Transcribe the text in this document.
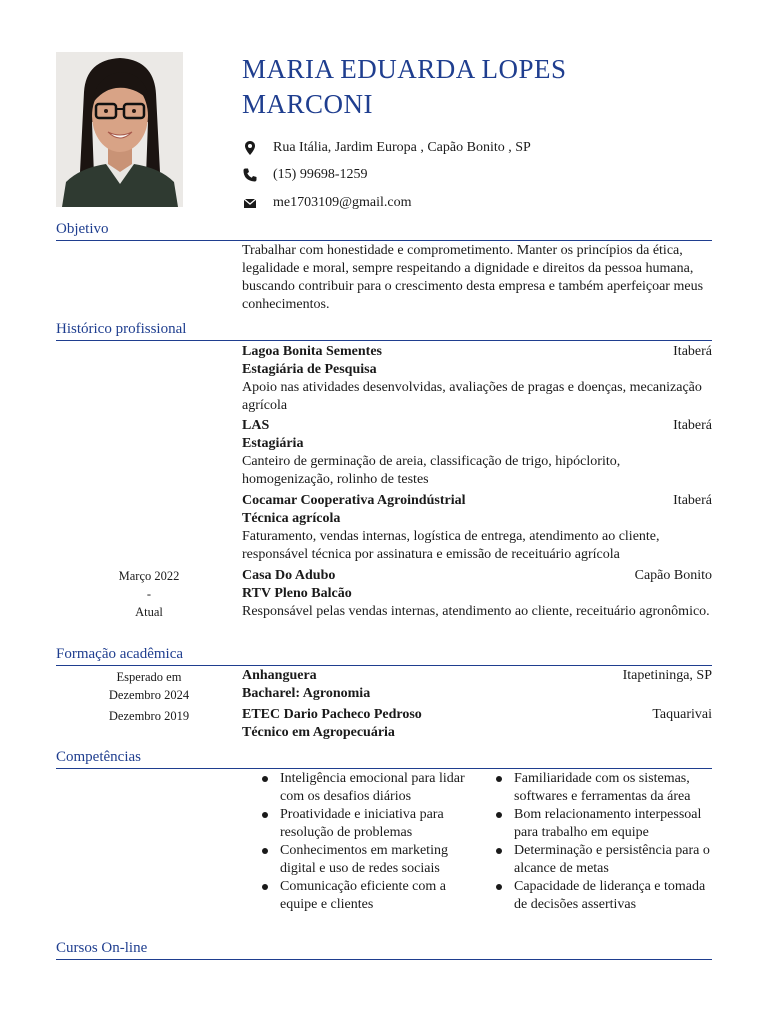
MARIA EDUARDA LOPES
MARCONI
Rua Itália, Jardim Europa , Capão Bonito , SP
(15) 99698-1259
me1703109@gmail.com
Objetivo
Trabalhar com honestidade e comprometimento. Manter os princípios da ética, legalidade e moral, sempre respeitando a dignidade e direitos da pessoa humana, buscando contribuir para o crescimento desta empresa e também aperfeiçoar meus conhecimentos.
Histórico profissional
Lagoa Bonita Sementes	Itaberá
Estagiária de Pesquisa
Apoio nas atividades desenvolvidas, avaliações de pragas e doenças, mecanização agrícola
LAS	Itaberá
Estagiária
Canteiro de germinação de areia, classificação de trigo, hipóclorito, homogenização, rolinho de testes
Cocamar Cooperativa Agroindústrial	Itaberá
Técnica agrícola
Faturamento, vendas internas, logística de entrega, atendimento ao cliente, responsável técnica por assinatura e emissão de receituário agrícola
Março 2022
-
Atual
Casa Do Adubo	Capão Bonito
RTV Pleno Balcão
Responsável pelas vendas internas, atendimento ao cliente, receituário agronômico.
Formação acadêmica
Esperado em
Dezembro 2024
Anhanguera	Itapetininga, SP
Bacharel: Agronomia
Dezembro 2019	ETEC Dario Pacheco Pedroso	Taquarivai
Técnico em Agropecuária
Competências
Inteligência emocional para lidar com os desafios diários
Proatividade e iniciativa para resolução de problemas
Conhecimentos em marketing digital e uso de redes sociais
Comunicação eficiente com a equipe e clientes
Familiaridade com os sistemas, softwares e ferramentas da área
Bom relacionamento interpessoal para trabalho em equipe
Determinação e persistência para o alcance de metas
Capacidade de liderança e tomada de decisões assertivas
Cursos On-line
